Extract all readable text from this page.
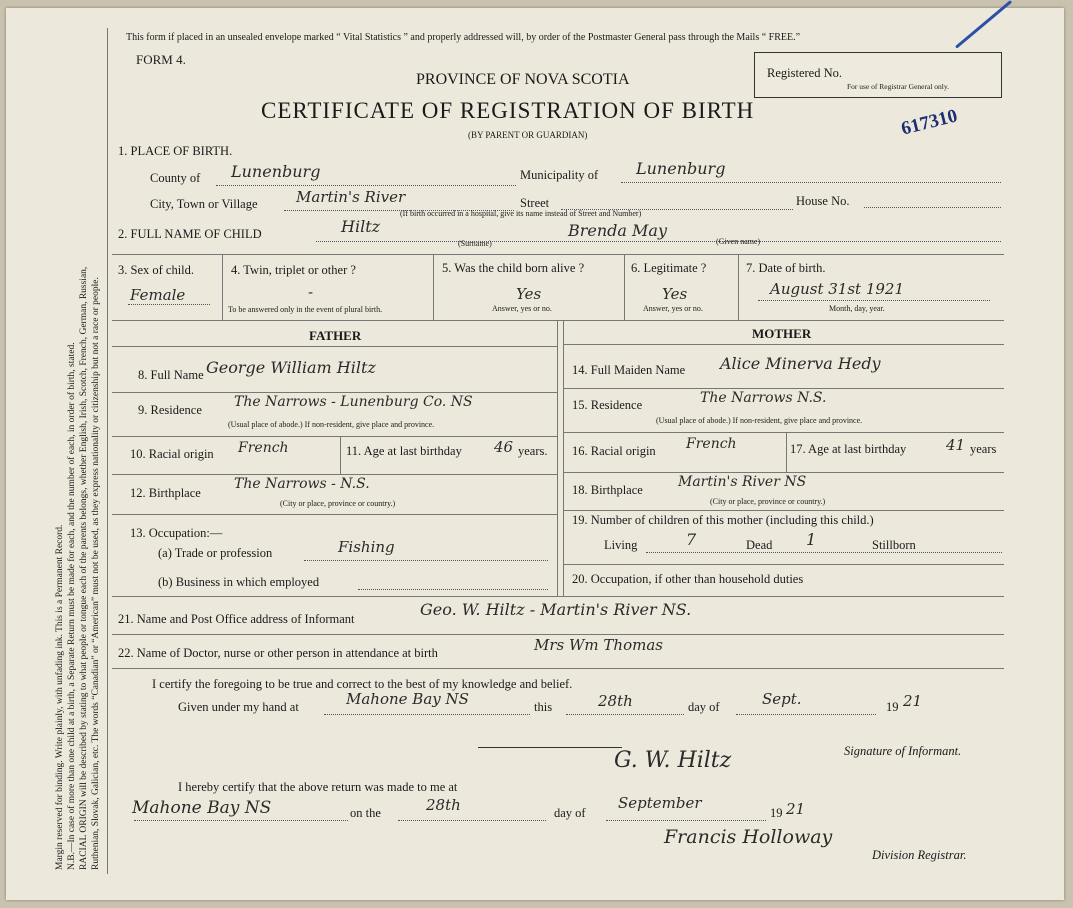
Margin reserved for binding. Write plainly, with unfading ink. This is a Permanent Record. N.B.—In case of more than one child at a birth, a Separate Return must be made for each, and the number of each, in order of birth, stated. RACIAL ORIGIN will be described by stating to what people or tongue each of the parents belongs, whether English, Irish, Scotch, French, German, Russian, Ruthenian, Slovak, Galician, etc. The words “Canadian” or “American” must not be used, as they express nationality or citizenship but not a race or people.
This form if placed in an unsealed envelope marked “ Vital Statistics ” and properly addressed will, by order of the Postmaster General pass through the Mails “ FREE.”
FORM 4.
PROVINCE OF NOVA SCOTIA
CERTIFICATE OF REGISTRATION OF BIRTH
(BY PARENT OR GUARDIAN)
Registered No.
For use of Registrar General only.
617310
1. PLACE OF BIRTH.
County of Lunenburg	Municipality of Lunenburg
City, Town or Village	Martin's River	Street	House No.
(If birth occurred in a hospital, give its name instead of Street and Number)
2. FULL NAME OF CHILD	Hiltz	Brenda May
(Surname)	(Given name)
3. Sex of child.
Female
4. Twin, triplet or other ?
-
To be answered only in the event of plural birth.
5. Was the child born alive ?
Yes
Answer, yes or no.
6. Legitimate ?
Yes
Answer, yes or no.
7. Date of birth.
August 31st 1921
Month, day, year.
FATHER	MOTHER
8. Full Name George William Hiltz
9. Residence The Narrows - Lunenburg Co. NS
(Usual place of abode.) If non-resident, give place and province.
10. Racial origin French	11. Age at last birthday 46 years.
12. Birthplace
The Narrows - N.S.
(City or place, province or country.)
13. Occupation:—
(a) Trade or profession	Fishing
(b) Business in which employed
14. Full Maiden Name Alice Minerva Hedy
15. Residence	The Narrows N.S.
(Usual place of abode.) If non-resident, give place and province.
16. Racial origin French	17. Age at last birthday	41 years
18. Birthplace	Martin's River NS
(City or place, province or country.)
19. Number of children of this mother (including this child.)
Living	7	Dead 1	Stillborn
20. Occupation, if other than household duties
21. Name and Post Office address of Informant	Geo. W. Hiltz - Martin's River NS.
22. Name of Doctor, nurse or other person in attendance at birth	Mrs Wm Thomas
I certify the foregoing to be true and correct to the best of my knowledge and belief.
Given under my hand at	Mahone Bay NS	this	28th	day of	Sept.	19 21
G. W. Hiltz	Signature of Informant.
I hereby certify that the above return was made to me at
Mahone Bay NS	on the	28th	day of
September
19 21
Francis Holloway
Division Registrar.
